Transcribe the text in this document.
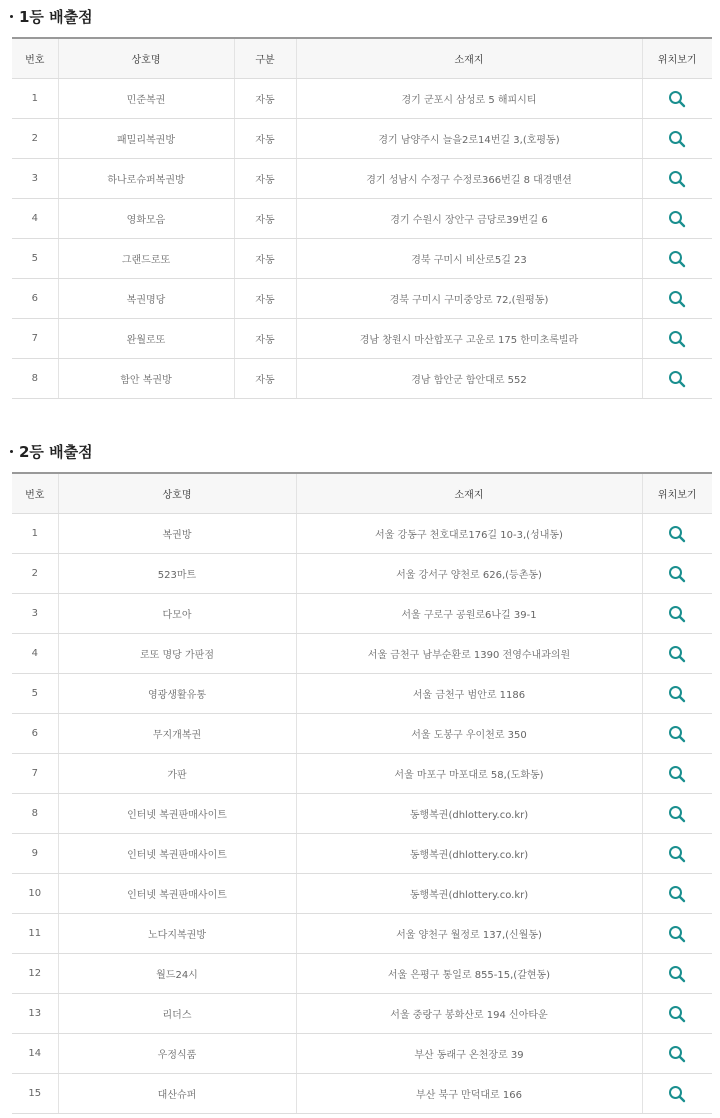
1등 배출점
번호	상호명	구분	소재지	위치보기
1	민준복권	자동	경기 군포시 삼성로 5 해피시티	
2	패밀리복권방	자동	경기 남양주시 늘을2로14번길 3,(호평동)	
3	하나로슈퍼복권방	자동	경기 성남시 수정구 수정로366번길 8 대경맨션	
4	영화모음	자동	경기 수원시 장안구 금당로39번길 6	
5	그랜드로또	자동	경북 구미시 비산로5길 23	
6	복권명당	자동	경북 구미시 구미중앙로 72,(원평동)	
7	완월로또	자동	경남 창원시 마산합포구 고운로 175 한미초록빌라	
8	함안 복권방	자동	경남 함안군 함안대로 552	
2등 배출점
번호	상호명	소재지	위치보기
1	복권방	서울 강동구 천호대로176길 10-3,(성내동)	
2	523마트	서울 강서구 양천로 626,(등촌동)	
3	다모아	서울 구로구 공원로6나길 39-1	
4	로또 명당 가판점	서울 금천구 남부순환로 1390 전영수내과의원	
5	영광생활유통	서울 금천구 범안로 1186	
6	무지개복권	서울 도봉구 우이천로 350	
7	가판	서울 마포구 마포대로 58,(도화동)	
8	인터넷 복권판매사이트	동행복권(dhlottery.co.kr)	
9	인터넷 복권판매사이트	동행복권(dhlottery.co.kr)	
10	인터넷 복권판매사이트	동행복권(dhlottery.co.kr)	
11	노다지복권방	서울 양천구 월정로 137,(신월동)	
12	월드24시	서울 은평구 통일로 855-15,(갈현동)	
13	리더스	서울 중랑구 봉화산로 194 신아타운	
14	우정식품	부산 동래구 온천장로 39	
15	대산슈퍼	부산 북구 만덕대로 166	
